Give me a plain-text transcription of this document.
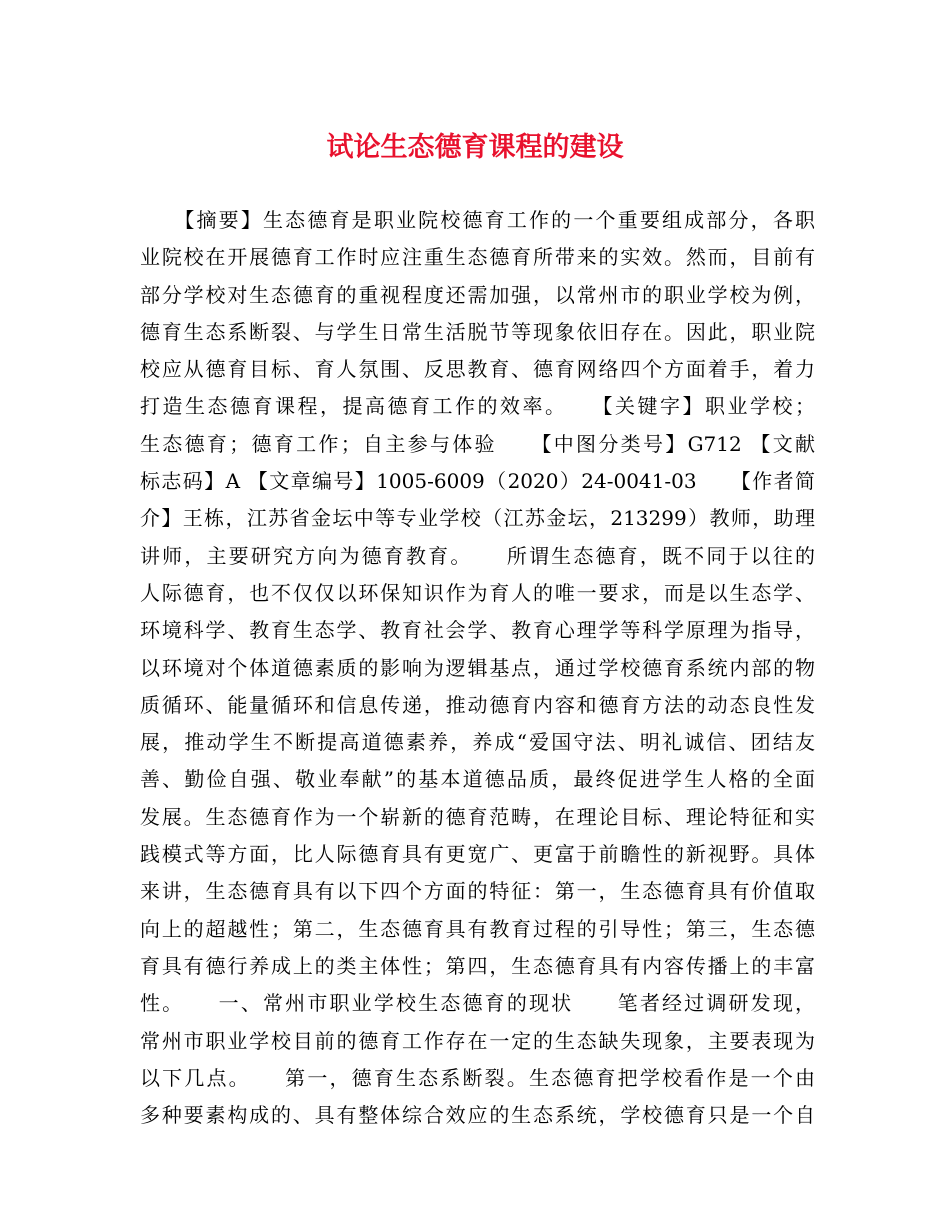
试论生态德育课程的建设
　　【摘要】生态德育是职业院校德育工作的一个重要组成部分，各职
业院校在开展德育工作时应注重生态德育所带来的实效。然而，目前有
部分学校对生态德育的重视程度还需加强，以常州市的职业学校为例，
德育生态系断裂、与学生日常生活脱节等现象依旧存在。因此，职业院
校应从德育目标、育人氛围、反思教育、德育网络四个方面着手，着力
打造生态德育课程，提高德育工作的效率。　　【关键字】职业学校；
生态德育；德育工作；自主参与体验　　【中图分类号】G712 【文献
标志码】A 【文章编号】1005-6009（2020）24-0041-03　　【作者简
介】王栋，江苏省金坛中等专业学校（江苏金坛，213299）教师，助理
讲师，主要研究方向为德育教育。　　所谓生态德育，既不同于以往的
人际德育，也不仅仅以环保知识作为育人的唯一要求，而是以生态学、
环境科学、教育生态学、教育社会学、教育心理学等科学原理为指导，
以环境对个体道德素质的影响为逻辑基点，通过学校德育系统内部的物
质循环、能量循环和信息传递，推动德育内容和德育方法的动态良性发
展，推动学生不断提高道德素养，养成“爱国守法、明礼诚信、团结友
善、勤俭自强、敬业奉献”的基本道德品质，最终促进学生人格的全面
发展。生态德育作为一个崭新的德育范畴，在理论目标、理论特征和实
践模式等方面，比人际德育具有更宽广、更富于前瞻性的新视野。具体
来讲，生态德育具有以下四个方面的特征：第一，生态德育具有价值取
向上的超越性；第二，生态德育具有教育过程的引导性；第三，生态德
育具有德行养成上的类主体性；第四，生态德育具有内容传播上的丰富
性。　　一、常州市职业学校生态德育的现状　　笔者经过调研发现，
常州市职业学校目前的德育工作存在一定的生态缺失现象，主要表现为
以下几点。　　第一，德育生态系断裂。生态德育把学校看作是一个由
多种要素构成的、具有整体综合效应的生态系统，学校德育只是一个自
